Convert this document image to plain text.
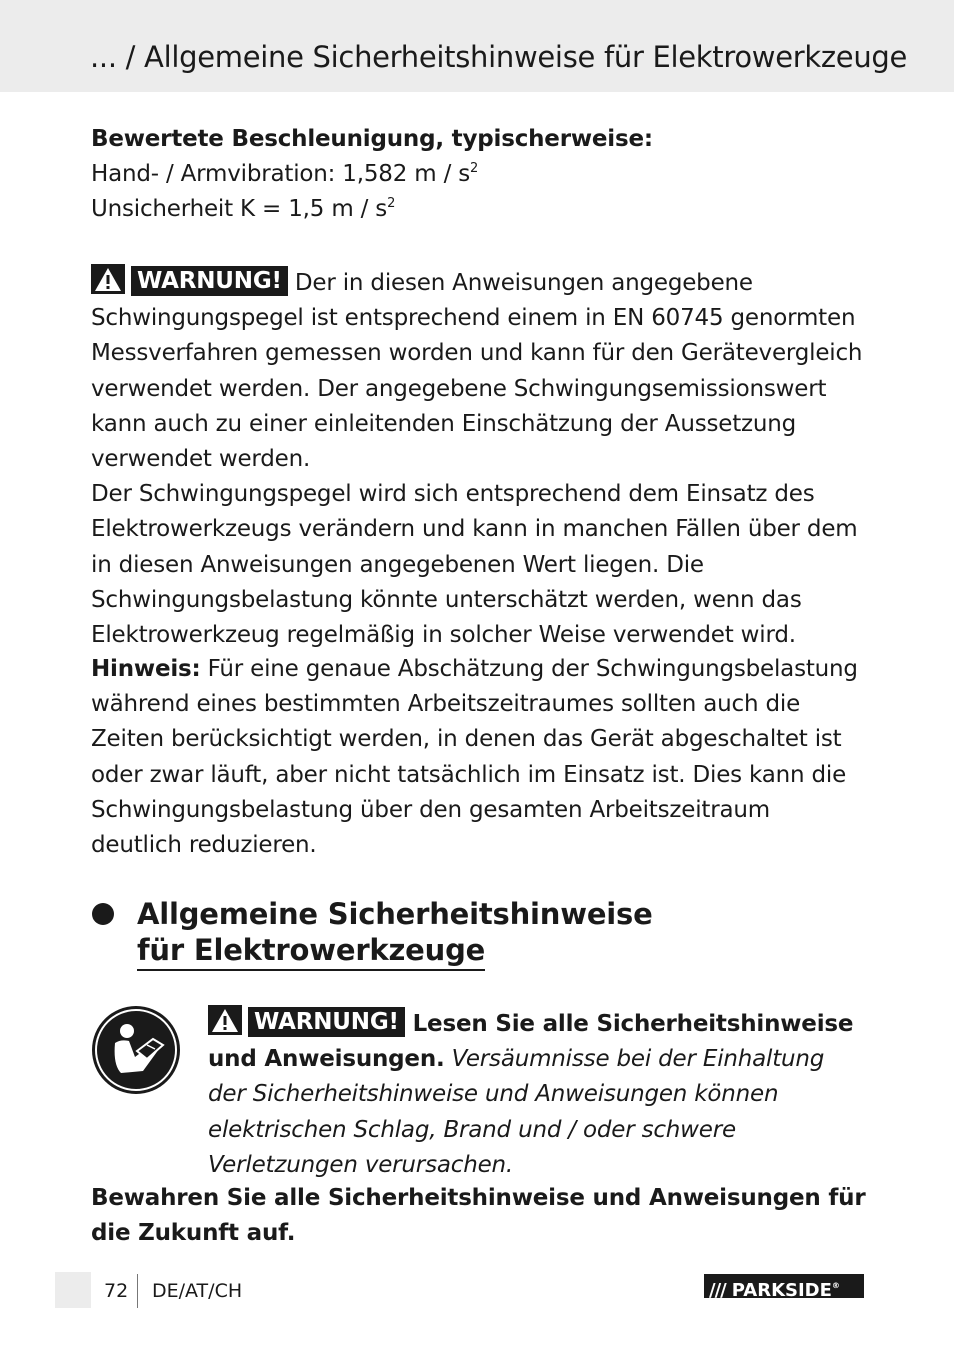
... / Allgemeine Sicherheitshinweise für Elektrowerkzeuge
Bewertete Beschleunigung, typischerweise:
Hand- / Armvibration: 1,582 m / $s^2$
Unsicherheit K = 1,5 m / $s^2$
WARNUNG! Der in diesen Anweisungen angegebene Schwingungspegel ist entsprechend einem in EN 60745 genormten Messverfahren gemessen worden und kann für den Gerätevergleich verwendet werden. Der angegebene Schwingungsemissionswert kann auch zu einer einleitenden Einschätzung der Aussetzung verwendet werden.
Der Schwingungspegel wird sich entsprechend dem Einsatz des Elektrowerkzeugs verändern und kann in manchen Fällen über dem in diesen Anweisungen angegebenen Wert liegen. Die Schwingungsbelastung könnte unterschätzt werden, wenn das Elektrowerkzeug regelmäßig in solcher Weise verwendet wird.
Hinweis: Für eine genaue Abschätzung der Schwingungsbelastung während eines bestimmten Arbeitszeitraumes sollten auch die Zeiten berücksichtigt werden, in denen das Gerät abgeschaltet ist oder zwar läuft, aber nicht tatsächlich im Einsatz ist. Dies kann die Schwingungsbelastung über den gesamten Arbeitszeitraum deutlich reduzieren.
Allgemeine Sicherheitshinweise
für Elektrowerkzeuge
WARNUNG! Lesen Sie alle Sicherheitshinweise und Anweisungen. Versäumnisse bei der Einhaltung der Sicherheitshinweise und Anweisungen können elektrischen Schlag, Brand und / oder schwere Verletzungen verursachen.
Bewahren Sie alle Sicherheitshinweise und Anweisungen für die Zukunft auf.
72 DE/AT/CH	/// PARKSIDE®
